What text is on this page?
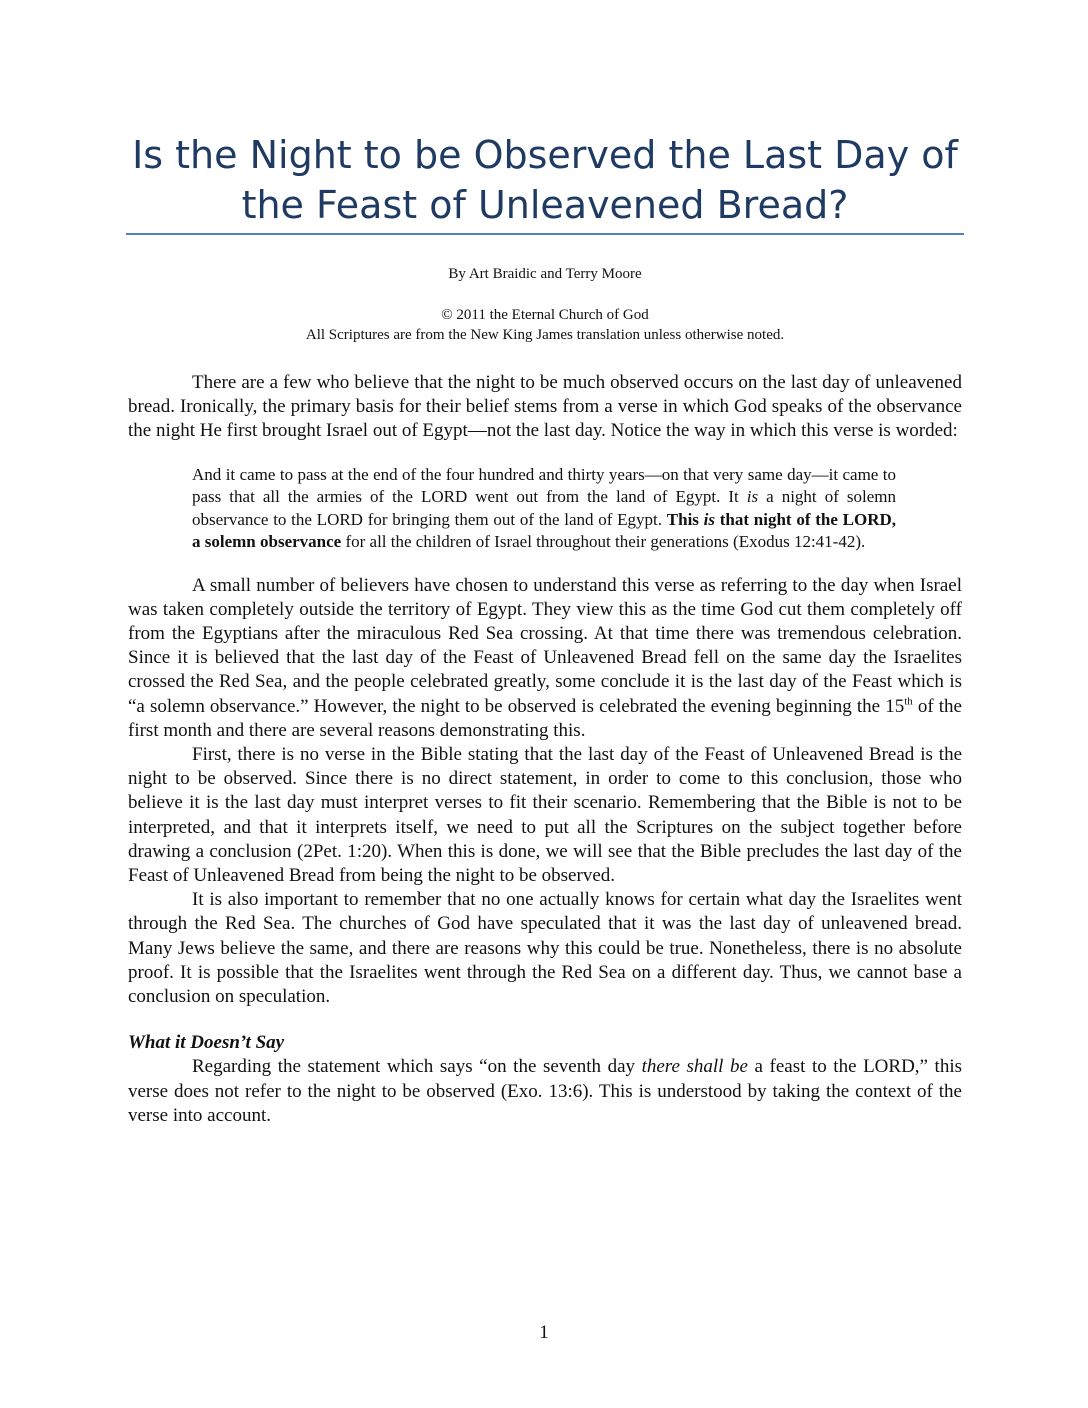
Is the Night to be Observed the Last Day of the Feast of Unleavened Bread?
By Art Braidic and Terry Moore
© 2011 the Eternal Church of God
All Scriptures are from the New King James translation unless otherwise noted.

There are a few who believe that the night to be much observed occurs on the last day of unleavened bread. Ironically, the primary basis for their belief stems from a verse in which God speaks of the observance the night He first brought Israel out of Egypt—not the last day. Notice the way in which this verse is worded:

And it came to pass at the end of the four hundred and thirty years—on that very same day—it came to pass that all the armies of the LORD went out from the land of Egypt. It is a night of solemn observance to the LORD for bringing them out of the land of Egypt. This is that night of the LORD, a solemn observance for all the children of Israel throughout their generations (Exodus 12:41-42).

A small number of believers have chosen to understand this verse as referring to the day when Israel was taken completely outside the territory of Egypt. They view this as the time God cut them completely off from the Egyptians after the miraculous Red Sea crossing. At that time there was tremendous celebration. Since it is believed that the last day of the Feast of Unleavened Bread fell on the same day the Israelites crossed the Red Sea, and the people celebrated greatly, some conclude it is the last day of the Feast which is “a solemn observance.” However, the night to be observed is celebrated the evening beginning the 15th of the first month and there are several reasons demonstrating this.

First, there is no verse in the Bible stating that the last day of the Feast of Unleavened Bread is the night to be observed. Since there is no direct statement, in order to come to this conclusion, those who believe it is the last day must interpret verses to fit their scenario. Remembering that the Bible is not to be interpreted, and that it interprets itself, we need to put all the Scriptures on the subject together before drawing a conclusion (2Pet. 1:20). When this is done, we will see that the Bible precludes the last day of the Feast of Unleavened Bread from being the night to be observed.

It is also important to remember that no one actually knows for certain what day the Israelites went through the Red Sea. The churches of God have speculated that it was the last day of unleavened bread. Many Jews believe the same, and there are reasons why this could be true. Nonetheless, there is no absolute proof. It is possible that the Israelites went through the Red Sea on a different day. Thus, we cannot base a conclusion on speculation.

What it Doesn’t Say

Regarding the statement which says “on the seventh day there shall be a feast to the LORD,” this verse does not refer to the night to be observed (Exo. 13:6). This is understood by taking the context of the verse into account.

1
